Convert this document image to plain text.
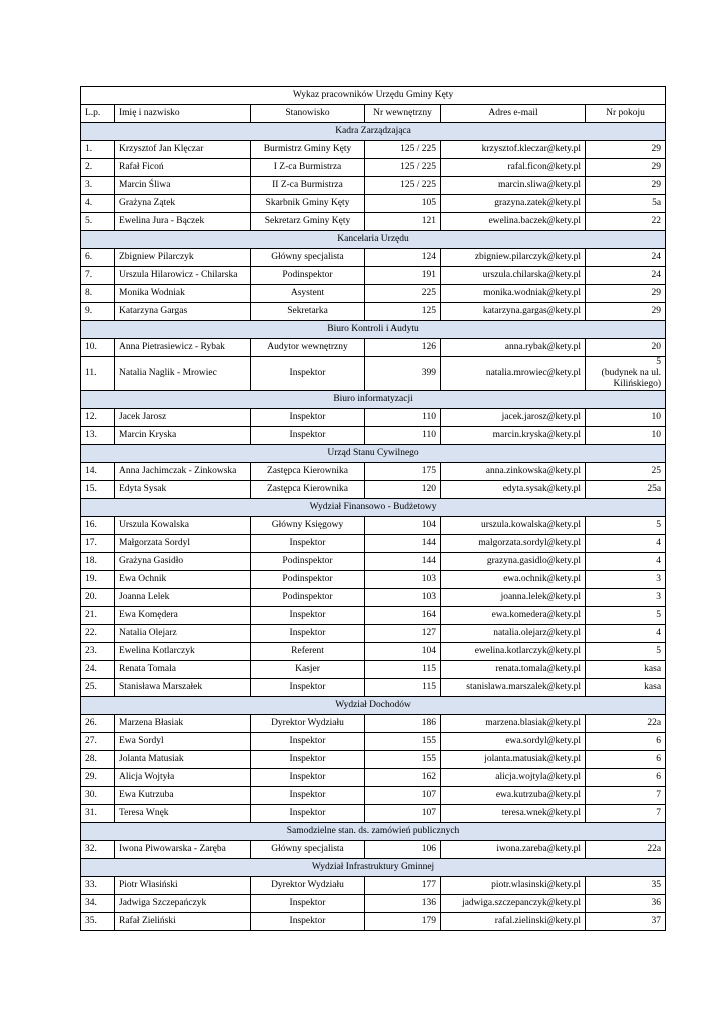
Wykaz pracowników Urzędu Gminy Kęty					
L.p.	Imię i nazwisko	Stanowisko	Nr wewnętrzny	Adres e-mail	Nr pokoju
Kadra Zarządzająca					
1.	Krzysztof Jan Klęczar	Burmistrz Gminy Kęty	125 / 225	krzysztof.kleczar@kety.pl	29
2.	Rafał Ficoń	I Z-ca Burmistrza	125 / 225	rafal.ficon@kety.pl	29
3.	Marcin Śliwa	II Z-ca Burmistrza	125 / 225	marcin.sliwa@kety.pl	29
4.	Grażyna Zątek	Skarbnik Gminy Kęty	105	grazyna.zatek@kety.pl	5a
5.	Ewelina Jura - Bączek	Sekretarz Gminy Kęty	121	ewelina.baczek@kety.pl	22
Kancelaria Urzędu					
6.	Zbigniew Pilarczyk	Główny specjalista	124	zbigniew.pilarczyk@kety.pl	24
7.	Urszula Hilarowicz - Chilarska	Podinspektor	191	urszula.chilarska@kety.pl	24
8.	Monika Wodniak	Asystent	225	monika.wodniak@kety.pl	29
9.	Katarzyna Gargas	Sekretarka	125	katarzyna.gargas@kety.pl	29
Biuro Kontroli i Audytu					
10.	Anna Pietrasiewicz - Rybak	Audytor wewnętrzny	126	anna.rybak@kety.pl	20
11.	Natalia Naglik - Mrowiec	Inspektor	399	natalia.mrowiec@kety.pl	5
(budynek na ul.
Kilińskiego)
Biuro informatyzacji					
12.	Jacek Jarosz	Inspektor	110	jacek.jarosz@kety.pl	10
13.	Marcin Kryska	Inspektor	110	marcin.kryska@kety.pl	10
Urząd Stanu Cywilnego					
14.	Anna Jachimczak - Zinkowska	Zastępca Kierownika	175	anna.zinkowska@kety.pl	25
15.	Edyta Sysak	Zastępca Kierownika	120	edyta.sysak@kety.pl	25a
Wydział Finansowo - Budżetowy					
16.	Urszula Kowalska	Główny Księgowy	104	urszula.kowalska@kety.pl	5
17.	Małgorzata Sordyl	Inspektor	144	malgorzata.sordyl@kety.pl	4
18.	Grażyna Gasidło	Podinspektor	144	grazyna.gasidlo@kety.pl	4
19.	Ewa Ochnik	Podinspektor	103	ewa.ochnik@kety.pl	3
20.	Joanna Lelek	Podinspektor	103	joanna.lelek@kety.pl	3
21.	Ewa Komędera	Inspektor	164	ewa.komedera@kety.pl	5
22.	Natalia Olejarz	Inspektor	127	natalia.olejarz@kety.pl	4
23.	Ewelina Kotlarczyk	Referent	104	ewelina.kotlarczyk@kety.pl	5
24.	Renata Tomala	Kasjer	115	renata.tomala@kety.pl	kasa
25.	Stanisława Marszałek	Inspektor	115	stanislawa.marszalek@kety.pl	kasa
Wydział Dochodów					
26.	Marzena Błasiak	Dyrektor Wydziału	186	marzena.blasiak@kety.pl	22a
27.	Ewa Sordyl	Inspektor	155	ewa.sordyl@kety.pl	6
28.	Jolanta Matusiak	Inspektor	155	jolanta.matusiak@kety.pl	6
29.	Alicja Wojtyła	Inspektor	162	alicja.wojtyla@kety.pl	6
30.	Ewa Kutrzuba	Inspektor	107	ewa.kutrzuba@kety.pl	7
31.	Teresa Wnęk	Inspektor	107	teresa.wnek@kety.pl	7
Samodzielne stan. ds. zamówień publicznych					
32.	Iwona Piwowarska - Zaręba	Główny specjalista	106	iwona.zareba@kety.pl	22a
Wydział Infrastruktury Gminnej					
33.	Piotr Własiński	Dyrektor Wydziału	177	piotr.wlasinski@kety.pl	35
34.	Jadwiga Szczepańczyk	Inspektor	136	jadwiga.szczepanczyk@kety.pl	36
35.	Rafał Zieliński	Inspektor	179	rafal.zielinski@kety.pl	37
